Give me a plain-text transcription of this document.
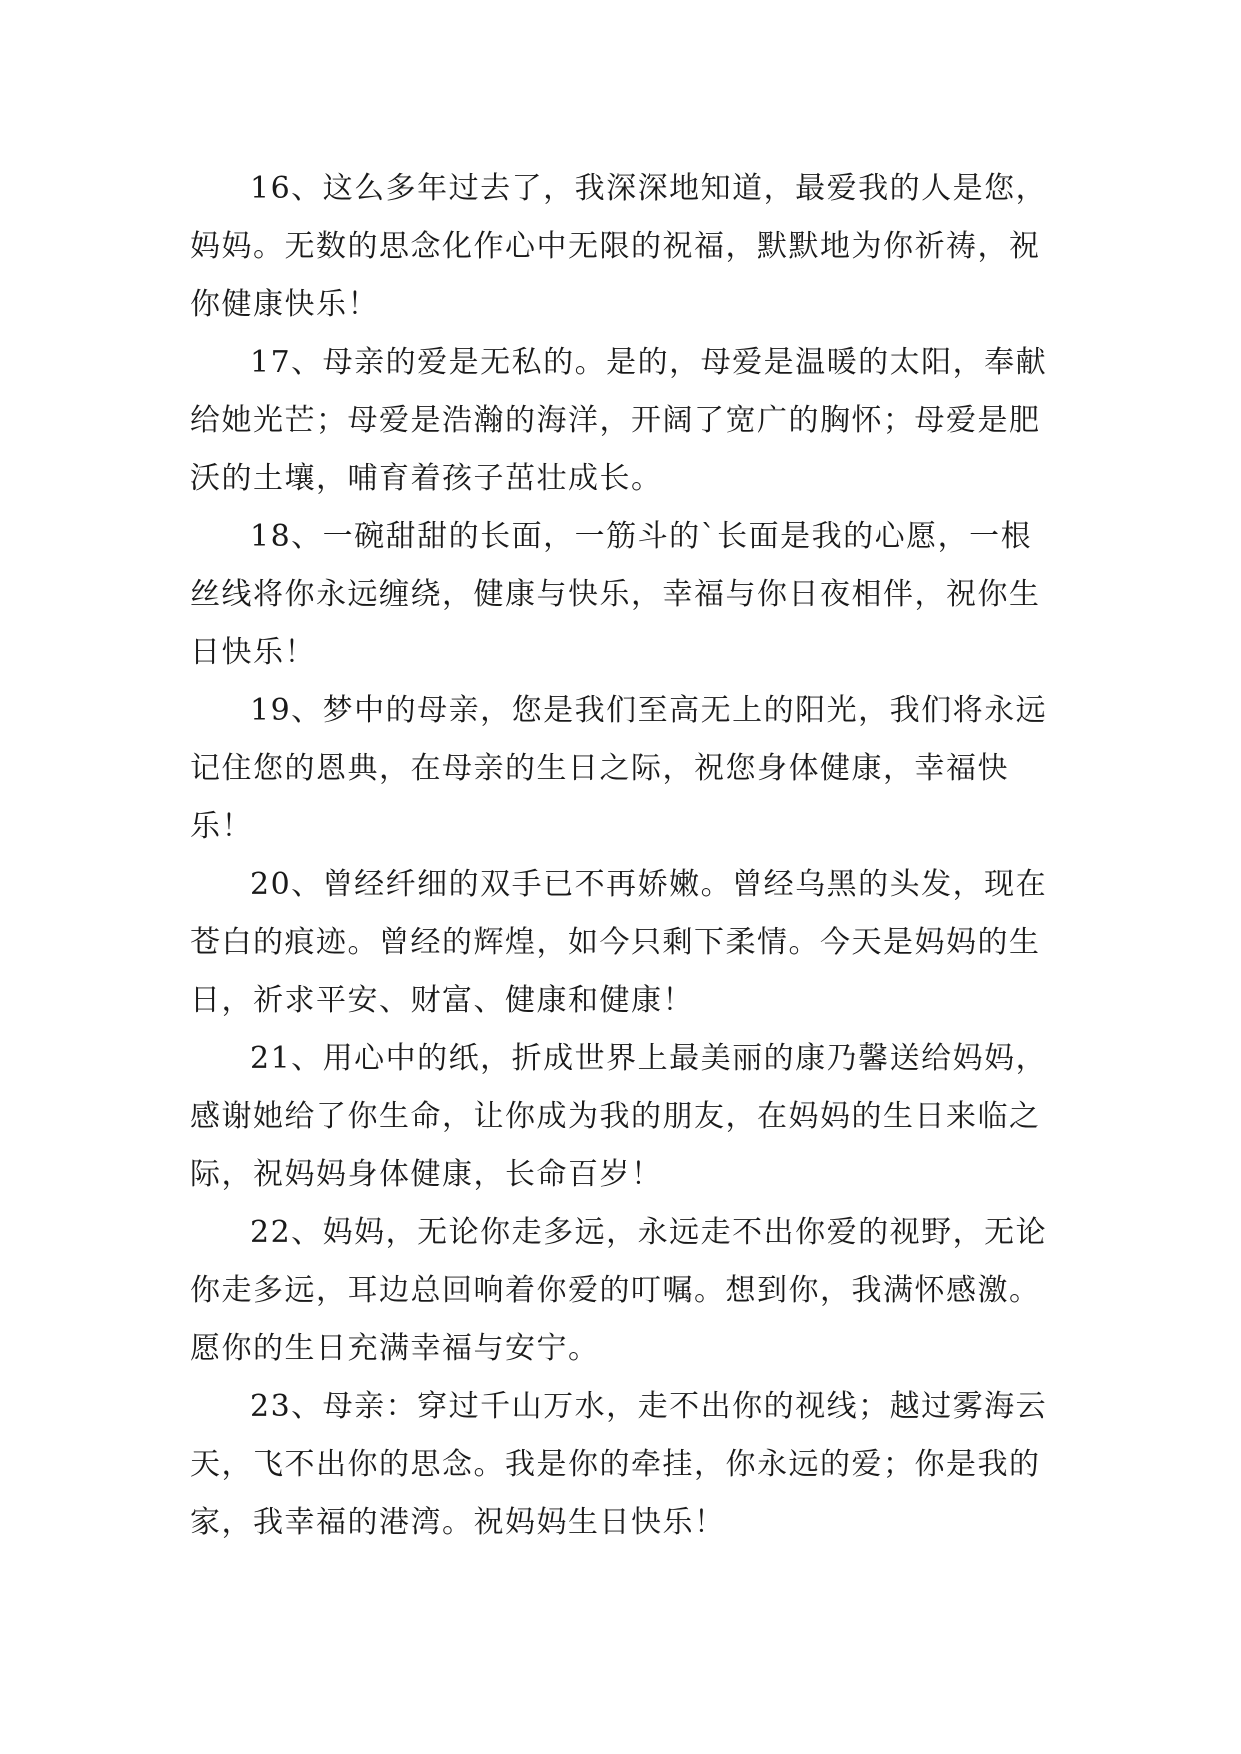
16、这么多年过去了，我深深地知道，最爱我的人是您，妈妈。无数的思念化作心中无限的祝福，默默地为你祈祷，祝你健康快乐！

17、母亲的爱是无私的。是的，母爱是温暖的太阳，奉献给她光芒；母爱是浩瀚的海洋，开阔了宽广的胸怀；母爱是肥沃的土壤，哺育着孩子茁壮成长。

18、一碗甜甜的长面，一筋斗的`长面是我的心愿，一根丝线将你永远缠绕，健康与快乐，幸福与你日夜相伴，祝你生日快乐！

19、梦中的母亲，您是我们至高无上的阳光，我们将永远记住您的恩典，在母亲的生日之际，祝您身体健康，幸福快乐！

20、曾经纤细的双手已不再娇嫩。曾经乌黑的头发，现在苍白的痕迹。曾经的辉煌，如今只剩下柔情。今天是妈妈的生日，祈求平安、财富、健康和健康！

21、用心中的纸，折成世界上最美丽的康乃馨送给妈妈，感谢她给了你生命，让你成为我的朋友，在妈妈的生日来临之际，祝妈妈身体健康，长命百岁！

22、妈妈，无论你走多远，永远走不出你爱的视野，无论你走多远，耳边总回响着你爱的叮嘱。想到你，我满怀感激。愿你的生日充满幸福与安宁。

23、母亲：穿过千山万水，走不出你的视线；越过雾海云天，飞不出你的思念。我是你的牵挂，你永远的爱；你是我的家，我幸福的港湾。祝妈妈生日快乐！
